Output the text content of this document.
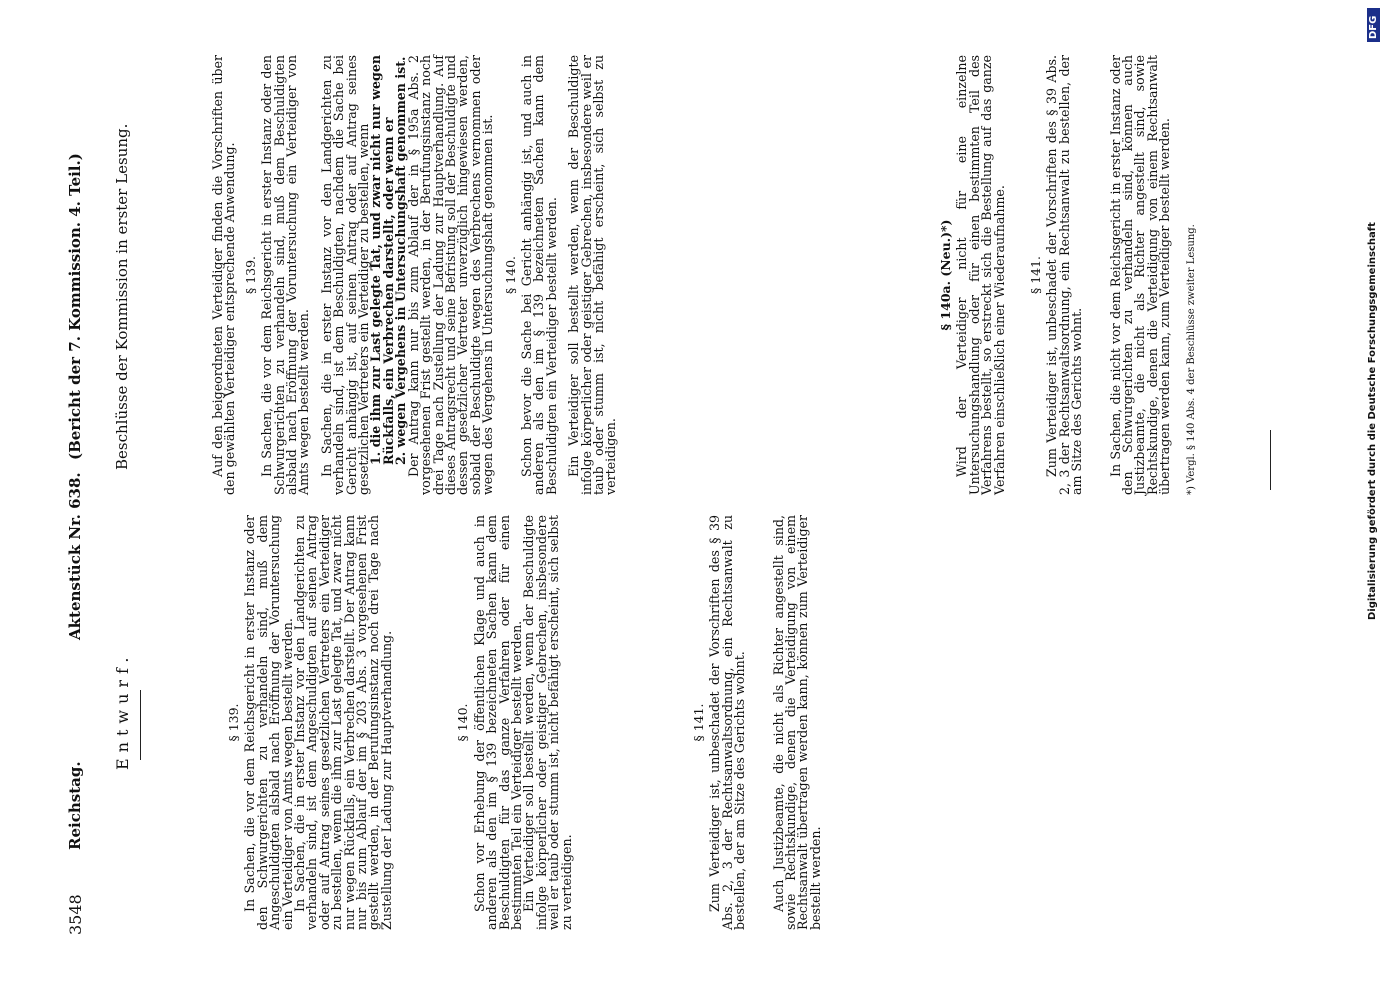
3548
Reichstag.
Aktenstück Nr. 638.
(Bericht der 7. Kommission. 4. Teil.)
Entwurf.
Beschlüsse der Kommission in erster Lesung.
§ 139. In Sachen, die vor dem Reichsgericht in erster Instanz oder den Schwurgerichten zu verhandeln sind, muß dem Angeschuldigten alsbald nach Eröffnung der Voruntersuchung ein Verteidiger von Amts wegen bestellt werden.
In Sachen, die in erster Instanz vor den Landgerichten zu verhandeln sind, ist dem Angeschuldigten auf seinen Antrag oder auf Antrag seines gesetzlichen Vertreters ein Verteidiger zu bestellen, wenn die ihm zur Last gelegte Tat, und zwar nicht nur wegen Rückfalls, ein Verbrechen darstellt. Der Antrag kann nur bis zum Ablauf der im § 203 Abs. 3 vorgesehenen Frist gestellt werden, in der Berufungsinstanz noch drei Tage nach Zustellung der Ladung zur Hauptverhandlung.	§ 140. Schon vor Erhebung der öffentlichen Klage und auch in anderen als den im § 139 bezeichneten Sachen kann dem Beschuldigten für das ganze Verfahren oder für einen bestimmten Teil ein Verteidiger bestellt werden.
Ein Verteidiger soll bestellt werden, wenn der Beschuldigte infolge körperlicher oder geistiger Gebrechen, insbesondere weil er taub oder stumm ist, nicht befähigt erscheint, sich selbst zu verteidigen.
§ 141. Zum Verteidiger ist, unbeschadet der Vorschriften des § 39 Abs. 2, 3 der Rechtsanwaltsordnung, ein Rechtsanwalt zu bestellen, der am Sitze des Gerichts wohnt. Auch Justizbeamte, die nicht als Richter angestellt sind, sowie Rechtskundige, denen die Verteidigung von einem Rechtsanwalt übertragen werden kann, können zum Verteidiger bestellt werden.
Auf den beigeordneten Verteidiger finden die Vorschriften über den gewählten Verteidiger entsprechende Anwendung. § 139. In Sachen, die vor dem Reichsgericht in erster Instanz oder den Schwurgerichten zu verhandeln sind, muß dem Beschuldigten alsbald nach Eröffnung der Voruntersuchung ein Verteidiger von Amts wegen bestellt werden. In Sachen, die in erster Instanz vor den Landgerichten zu verhandeln sind, ist dem Beschuldigten, nachdem die Sache bei Gericht anhängig ist, auf seinen Antrag oder auf Antrag seines gesetzlichen Vertreters ein Verteidiger zu bestellen, wenn
1. die ihm zur Last gelegte Tat, und zwar nicht nur wegen Rückfalls, ein Verbrechen darstellt, oder wenn er
2. wegen Vergehens in Untersuchungshaft genommen ist.
Der Antrag kann nur bis zum Ablauf der in § 195a Abs. 2 vorgesehenen Frist gestellt werden, in der Berufungsinstanz noch drei Tage nach Zustellung der Ladung zur Hauptverhandlung. Auf dieses Antragsrecht und seine Befristung soll der Beschuldigte und dessen gesetzlicher Vertreter unverzüglich hingewiesen werden, sobald der Beschuldigte wegen des Verbrechens vernommen oder wegen des Vergehens in Untersuchungshaft genommen ist. § 140. Schon bevor die Sache bei Gericht anhängig ist, und auch in anderen als den im § 139 bezeichneten Sachen kann dem Beschuldigten ein Verteidiger bestellt werden. Ein Verteidiger soll bestellt werden, wenn der Beschuldigte infolge körperlicher oder geistiger Gebrechen, insbesondere weil er taub oder stumm ist, nicht befähigt erscheint, sich selbst zu verteidigen.
§ 140a. (Neu.)*) Wird der Verteidiger nicht für eine einzelne Untersuchungshandlung oder für einen bestimmten Teil des Verfahrens bestellt, so erstreckt sich die Bestellung auf das ganze Verfahren einschließlich einer Wiederaufnahme. § 141. Zum Verteidiger ist, unbeschadet der Vorschriften des § 39 Abs. 2, 3 der Rechtsanwaltsordnung, ein Rechtsanwalt zu bestellen, der am Sitze des Gerichts wohnt. In Sachen, die nicht vor dem Reichsgericht in erster Instanz oder den Schwurgerichten zu verhandeln sind, können auch Justizbeamte, die nicht als Richter angestellt sind, sowie Rechtskundige, denen die Verteidigung von einem Rechtsanwalt übertragen werden kann, zum Verteidiger bestellt werden. *) Vergl. § 140 Abs. 4 der Beschlüsse zweiter Lesung.
DFG
Digitalisierung gefördert durch die Deutsche Forschungsgemeinschaft
